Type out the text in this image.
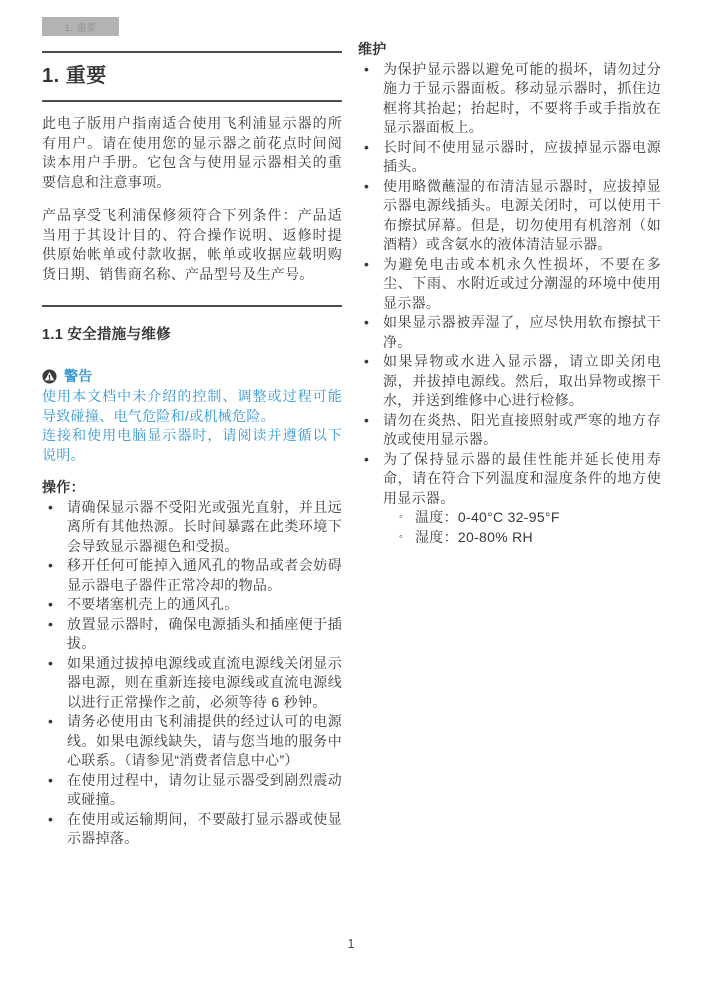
1. 重要
1. 重要

此电子版用户指南适合使用飞利浦显示器的所有用户。请在使用您的显示器之前花点时间阅读本用户手册。它包含与使用显示器相关的重要信息和注意事项。

产品享受飞利浦保修须符合下列条件：产品适当用于其设计目的、符合操作说明、返修时提供原始帐单或付款收据，帐单或收据应载明购货日期、销售商名称、产品型号及生产号。

1.1 安全措施与维修
警告
使用本文档中未介绍的控制、调整或过程可能导致碰撞、电气危险和/或机械危险。
连接和使用电脑显示器时，请阅读并遵循以下说明。
操作：
• 请确保显示器不受阳光或强光直射，并且远离所有其他热源。长时间暴露在此类环境下会导致显示器褪色和受损。
• 移开任何可能掉入通风孔的物品或者会妨碍显示器电子器件正常冷却的物品。
• 不要堵塞机壳上的通风孔。
• 放置显示器时，确保电源插头和插座便于插拔。
• 如果通过拔掉电源线或直流电源线关闭显示器电源，则在重新连接电源线或直流电源线以进行正常操作之前，必须等待 6 秒钟。
• 请务必使用由飞利浦提供的经过认可的电源线。如果电源线缺失，请与您当地的服务中心联系。（请参见“消费者信息中心”）
• 在使用过程中，请勿让显示器受到剧烈震动或碰撞。
• 在使用或运输期间，不要敲打显示器或使显示器掉落。
维护
• 为保护显示器以避免可能的损坏，请勿过分施力于显示器面板。移动显示器时，抓住边框将其抬起；抬起时，不要将手或手指放在显示器面板上。
• 长时间不使用显示器时，应拔掉显示器电源插头。
• 使用略微蘸湿的布清洁显示器时，应拔掉显示器电源线插头。电源关闭时，可以使用干布擦拭屏幕。但是，切勿使用有机溶剂（如酒精）或含氨水的液体清洁显示器。
• 为避免电击或本机永久性损坏，不要在多尘、下雨、水附近或过分潮湿的环境中使用显示器。
• 如果显示器被弄湿了，应尽快用软布擦拭干净。
• 如果异物或水进入显示器，请立即关闭电源，并拔掉电源线。然后，取出异物或擦干水，并送到维修中心进行检修。
• 请勿在炎热、阳光直接照射或严寒的地方存放或使用显示器。
• 为了保持显示器的最佳性能并延长使用寿命，请在符合下列温度和湿度条件的地方使用显示器。
◦ 温度：0-40°C 32-95°F
◦ 湿度：20-80% RH
1
